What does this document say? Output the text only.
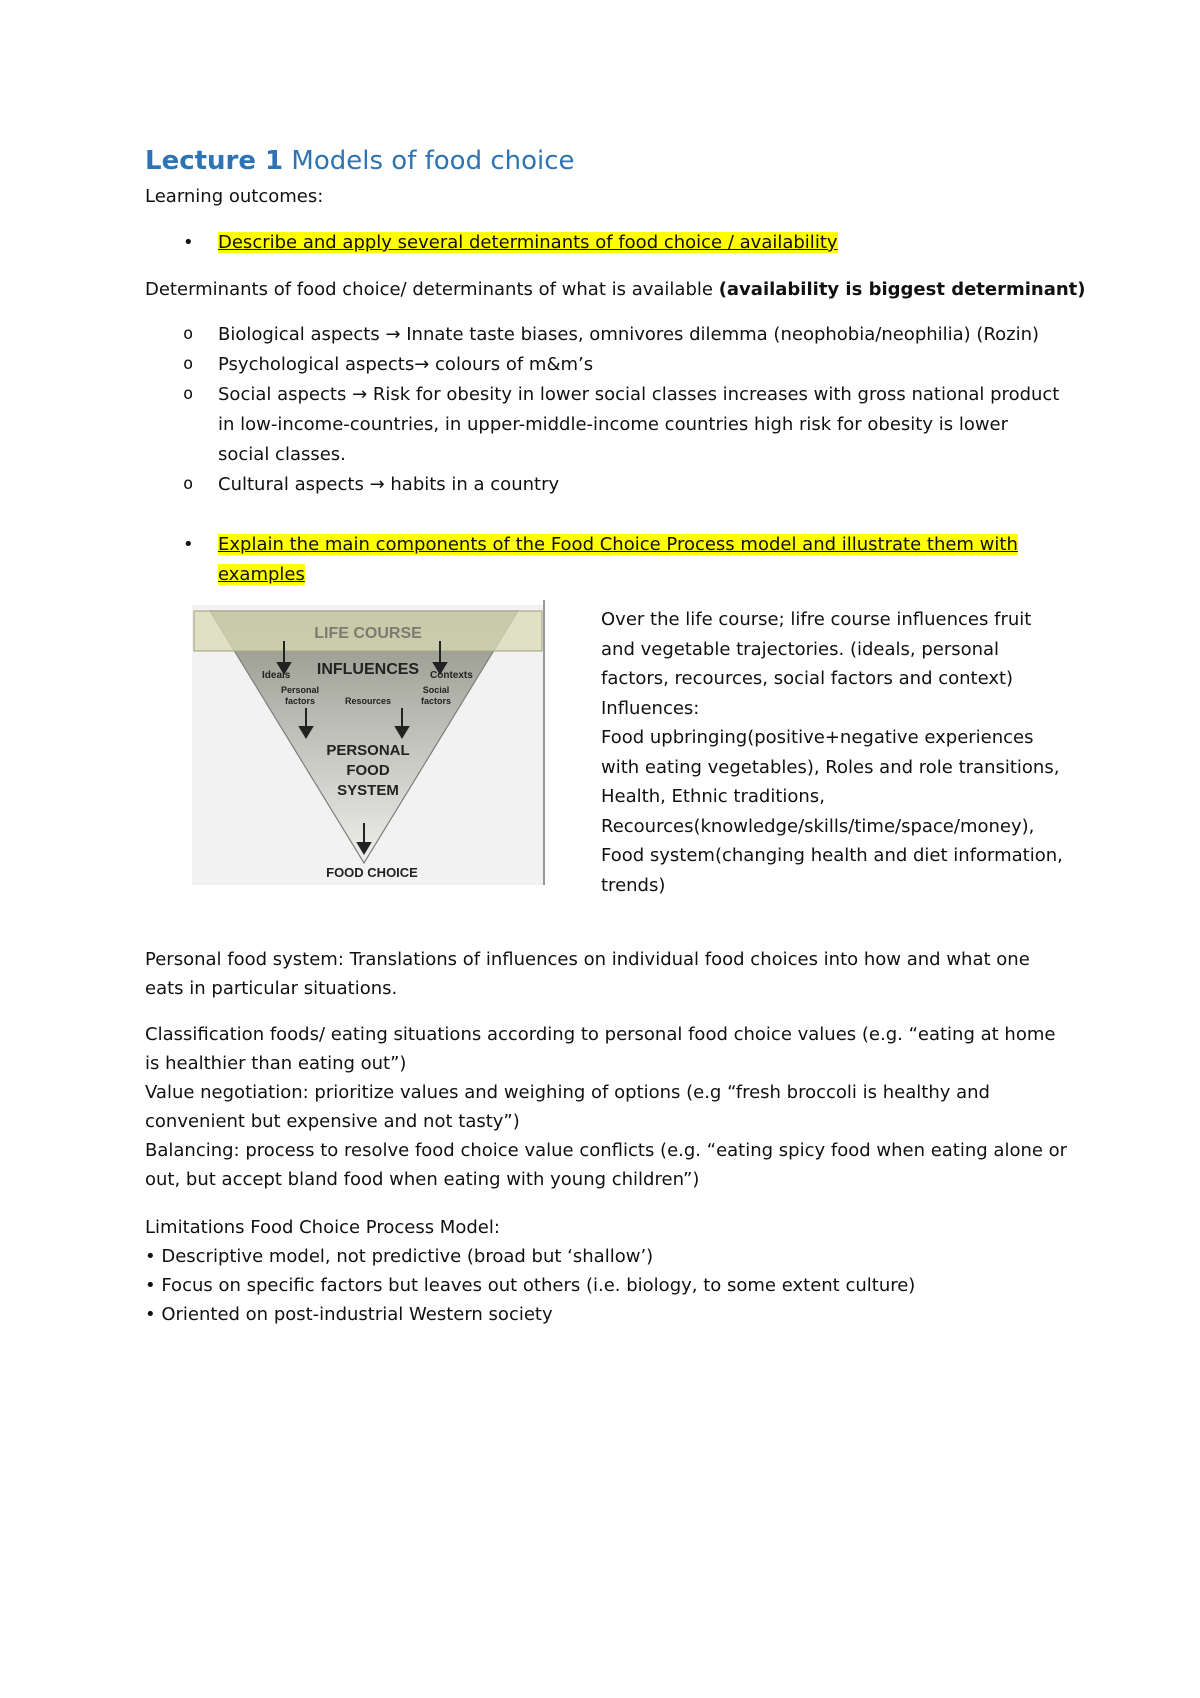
Lecture 1 Models of food choice
Learning outcomes:
• Describe and apply several determinants of food choice / availability
Determinants of food choice/ determinants of what is available (availability is biggest determinant)
o Biological aspects → Innate taste biases, omnivores dilemma (neophobia/neophilia) (Rozin)
o Psychological aspects→ colours of m&m’s
o Social aspects → Risk for obesity in lower social classes increases with gross national product
in low-income-countries, in upper-middle-income countries high risk for obesity is lower
social classes.
o Cultural aspects → habits in a country
• Explain the main components of the Food Choice Process model and illustrate them with
examples
LIFE COURSE
Ideals INFLUENCES Contexts
Personal
factors	Resources
Social
factors
PERSONAL
FOOD
SYSTEM
FOOD CHOICE
Over the life course; lifre course influences fruit
and vegetable trajectories. (ideals, personal
factors, recources, social factors and context)
Influences:
Food upbringing(positive+negative experiences
with eating vegetables), Roles and role transitions,
Health, Ethnic traditions,
Recources(knowledge/skills/time/space/money),
Food system(changing health and diet information,
trends)
Personal food system: Translations of influences on individual food choices into how and what one
eats in particular situations.
Classification foods/ eating situations according to personal food choice values (e.g. “eating at home
is healthier than eating out”)
Value negotiation: prioritize values and weighing of options (e.g “fresh broccoli is healthy and
convenient but expensive and not tasty”)
Balancing: process to resolve food choice value conflicts (e.g. “eating spicy food when eating alone or
out, but accept bland food when eating with young children”)
Limitations Food Choice Process Model:
• Descriptive model, not predictive (broad but ‘shallow’)
• Focus on specific factors but leaves out others (i.e. biology, to some extent culture)
• Oriented on post-industrial Western society
